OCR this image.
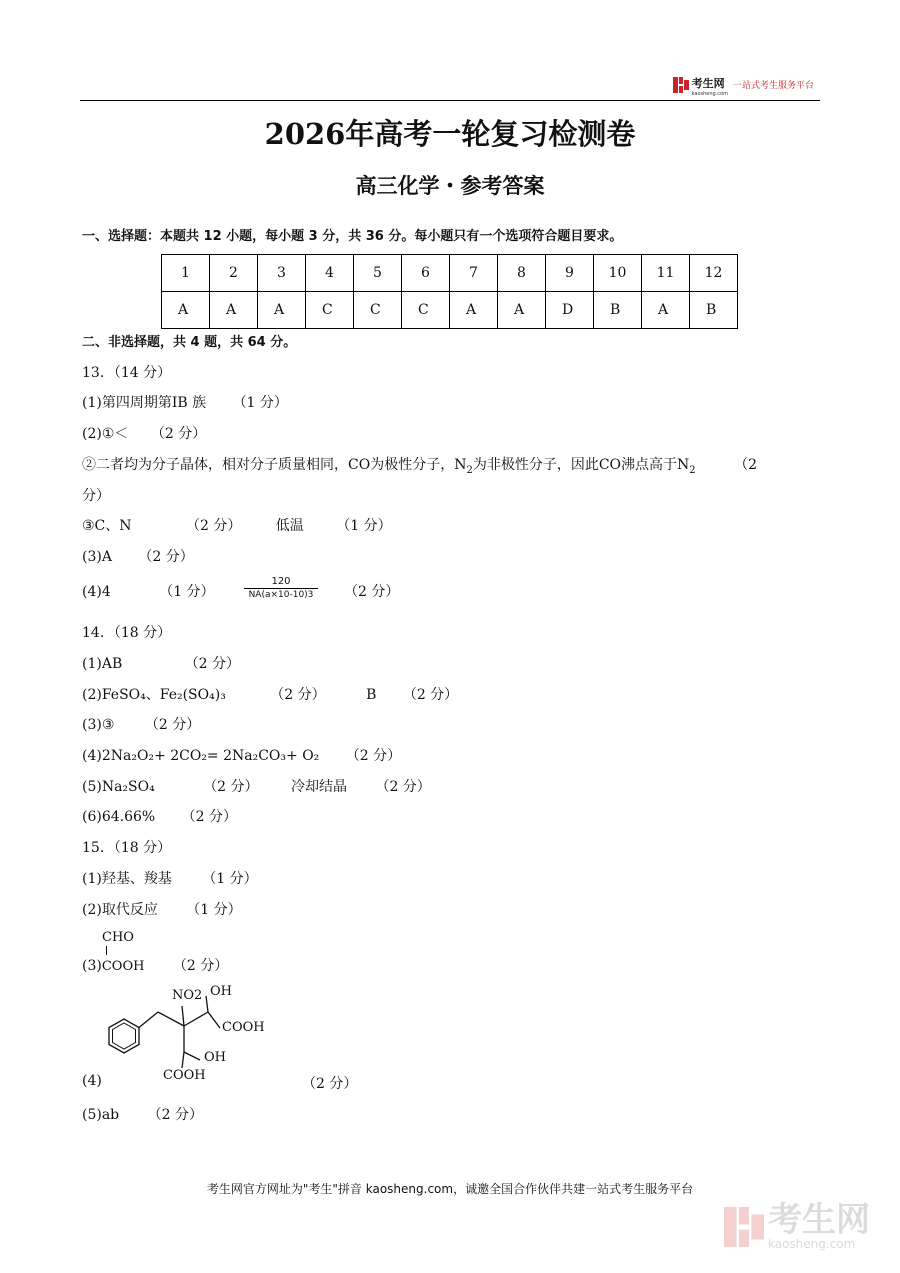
考生网
kaosheng.com
一站式考生服务平台
2026年高考一轮复习检测卷
高三化学・参考答案
一、选择题：本题共 12 小题，每小题 3 分，共 36 分。每小题只有一个选项符合题目要求。
1	2	3	4	5	6	7	8	9	10	11	12
A	A	A	C	C	C	A	A	D	B	A	B
二、非选择题，共 4 题，共 64 分。
13．（14 分）
(1)第四周期第IB 族 （1 分）
(2)①＜ （2 分）
②二者均为分子晶体，相对分子质量相同，CO为极性分子，$N_2$为非极性分子，因此CO沸点高于$N_2$	（2
分）
③C、N	（2 分） 低温 （1 分）
(3)A （2 分）
(4)4	（1 分）	$\frac{120}{NA(a\times 10-10)3} (2$ 分）
14．（18 分）
(1)AB	（2 分）
(2)FeSO₄、Fe₂(SO₄)₃	（2 分）	B （2 分）
(3)③ （2 分）
(4)2Na₂O₂+ 2CO₂= 2Na₂CO₃+ O₂ （2 分）
(5)Na₂SO₄	（2 分） 冷却结晶 （2 分）
(6)64.66% （2 分）
15．（18 分）
(1)羟基、羧基 （1 分）
(2)取代反应 （1 分）
CHO
(3)COOH （2 分）
NO2 OH
COOH
OH
COOH
(4)	（2 分）
(5)ab （2 分）
考生网官方网址为"考生"拼音 kaosheng.com，诚邀全国合作伙伴共建一站式考生服务平台
考生网
kaosheng.com
